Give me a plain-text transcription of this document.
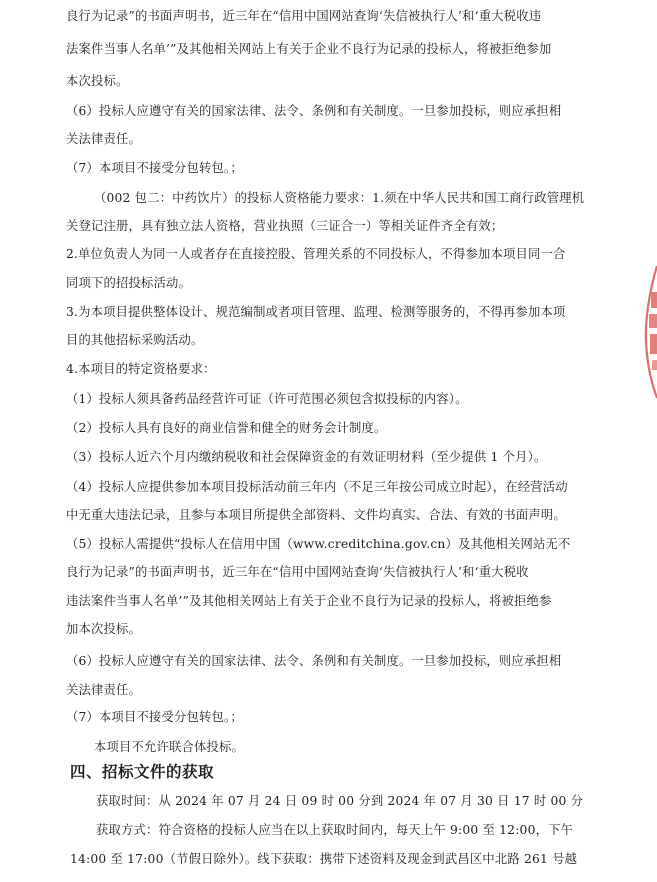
良行为记录”的书面声明书，近三年在“信用中国网站查询‘失信被执行人’和‘重大税收违
法案件当事人名单’”及其他相关网站上有关于企业不良行为记录的投标人，将被拒绝参加
本次投标。
（6）投标人应遵守有关的国家法律、法令、条例和有关制度。一旦参加投标，则应承担相
关法律责任。
（7）本项目不接受分包转包。；
（002 包二：中药饮片）的投标人资格能力要求：1.须在中华人民共和国工商行政管理机
关登记注册，具有独立法人资格，营业执照（三证合一）等相关证件齐全有效；
2.单位负责人为同一人或者存在直接控股、管理关系的不同投标人，不得参加本项目同一合
同项下的招投标活动。
3.为本项目提供整体设计、规范编制或者项目管理、监理、检测等服务的，不得再参加本项
目的其他招标采购活动。
4.本项目的特定资格要求：
（1）投标人须具备药品经营许可证（许可范围必须包含拟投标的内容）。
（2）投标人具有良好的商业信誉和健全的财务会计制度。
（3）投标人近六个月内缴纳税收和社会保障资金的有效证明材料（至少提供 1 个月）。
（4）投标人应提供参加本项目投标活动前三年内（不足三年按公司成立时起），在经营活动
中无重大违法记录，且参与本项目所提供全部资料、文件均真实、合法、有效的书面声明。
（5）投标人需提供“投标人在信用中国（www.creditchina.gov.cn）及其他相关网站无不
良行为记录”的书面声明书，近三年在“信用中国网站查询‘失信被执行人’和‘重大税收
违法案件当事人名单’”及其他相关网站上有关于企业不良行为记录的投标人，将被拒绝参
加本次投标。
（6）投标人应遵守有关的国家法律、法令、条例和有关制度。一旦参加投标，则应承担相
关法律责任。
（7）本项目不接受分包转包。；
本项目不允许联合体投标。
四、招标文件的获取
获取时间：从 2024 年 07 月 24 日 09 时 00 分到 2024 年 07 月 30 日 17 时 00 分
获取方式：符合资格的投标人应当在以上获取时间内，每天上午 9:00 至 12:00，下午
14:00 至 17:00（节假日除外）。线下获取：携带下述资料及现金到武昌区中北路 261 号越
